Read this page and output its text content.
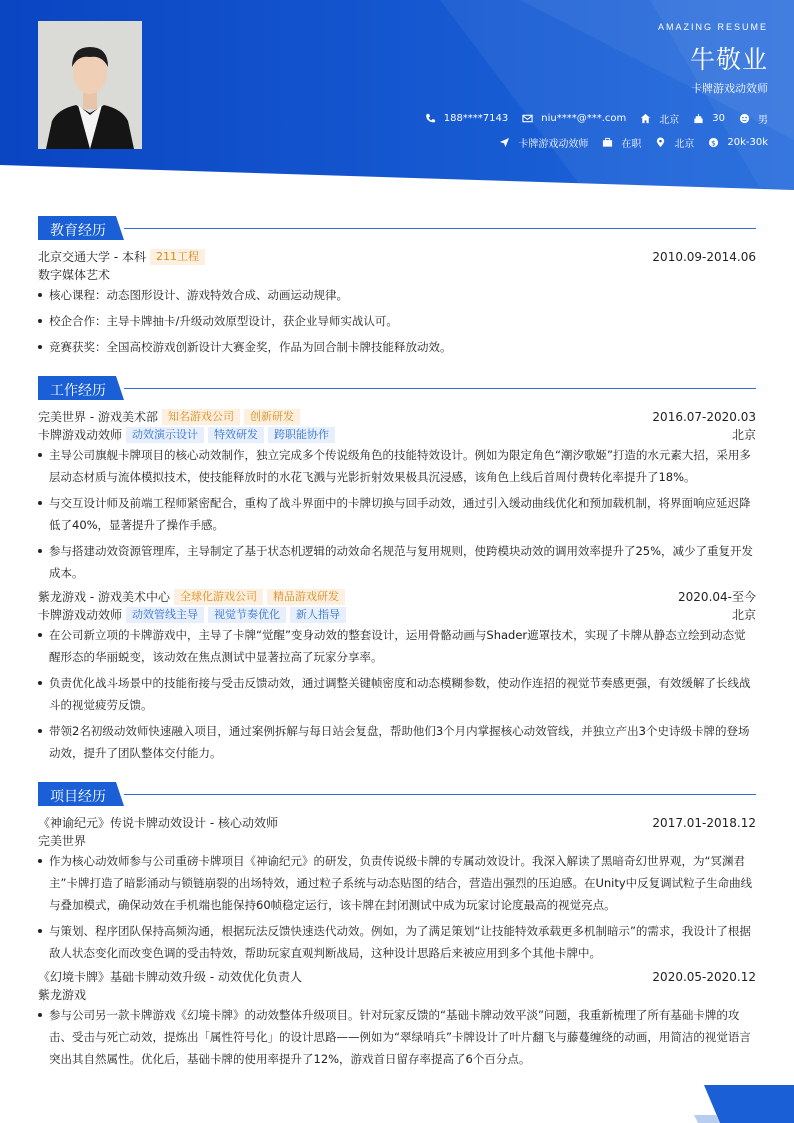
AMAZING RESUME
牛敬业
卡牌游戏动效师
188****7143	niu****@***.com	北京	30	男
卡牌游戏动效师	在职	北京 $ 20k-30k
教育经历
北京交通大学 - 本科 211工程	2010.09-2014.06
数字媒体艺术
核心课程：动态图形设计、游戏特效合成、动画运动规律。
校企合作：主导卡牌抽卡/升级动效原型设计，获企业导师实战认可。
竞赛获奖：全国高校游戏创新设计大赛金奖，作品为回合制卡牌技能释放动效。
工作经历
完美世界 - 游戏美术部 知名游戏公司	创新研发	2016.07-2020.03
卡牌游戏动效师 动效演示设计	特效研发	跨职能协作	北京
主导公司旗舰卡牌项目的核心动效制作，独立完成多个传说级角色的技能特效设计。例如为限定角色“潮汐歌姬”打造的水元素大招，采用多层动态材质与流体模拟技术，使技能释放时的水花飞溅与光影折射效果极具沉浸感，该角色上线后首周付费转化率提升了18%。
与交互设计师及前端工程师紧密配合，重构了战斗界面中的卡牌切换与回手动效，通过引入缓动曲线优化和预加载机制，将界面响应延迟降低了40%，显著提升了操作手感。
参与搭建动效资源管理库，主导制定了基于状态机逻辑的动效命名规范与复用规则，使跨模块动效的调用效率提升了25%，减少了重复开发成本。
紫龙游戏 - 游戏美术中心 全球化游戏公司	精品游戏研发	2020.04-至今
卡牌游戏动效师 动效管线主导	视觉节奏优化	新人指导	北京
在公司新立项的卡牌游戏中，主导了卡牌“觉醒”变身动效的整套设计，运用骨骼动画与Shader遮罩技术，实现了卡牌从静态立绘到动态觉醒形态的华丽蜕变，该动效在焦点测试中显著拉高了玩家分享率。
负责优化战斗场景中的技能衔接与受击反馈动效，通过调整关键帧密度和动态模糊参数，使动作连招的视觉节奏感更强，有效缓解了长线战斗的视觉疲劳反馈。
带领2名初级动效师快速融入项目，通过案例拆解与每日站会复盘，帮助他们3个月内掌握核心动效管线，并独立产出3个史诗级卡牌的登场动效，提升了团队整体交付能力。
项目经历
《神谕纪元》传说卡牌动效设计 - 核心动效师	2017.01-2018.12
完美世界
作为核心动效师参与公司重磅卡牌项目《神谕纪元》的研发，负责传说级卡牌的专属动效设计。我深入解读了黑暗奇幻世界观，为“冥渊君主”卡牌打造了暗影涌动与锁链崩裂的出场特效，通过粒子系统与动态贴图的结合，营造出强烈的压迫感。在Unity中反复调试粒子生命曲线与叠加模式，确保动效在手机端也能保持60帧稳定运行，该卡牌在封闭测试中成为玩家讨论度最高的视觉亮点。
与策划、程序团队保持高频沟通，根据玩法反馈快速迭代动效。例如，为了满足策划“让技能特效承载更多机制暗示”的需求，我设计了根据敌人状态变化而改变色调的受击特效，帮助玩家直观判断战局，这种设计思路后来被应用到多个其他卡牌中。
《幻境卡牌》基础卡牌动效升级 - 动效优化负责人	2020.05-2020.12
紫龙游戏
参与公司另一款卡牌游戏《幻境卡牌》的动效整体升级项目。针对玩家反馈的“基础卡牌动效平淡”问题，我重新梳理了所有基础卡牌的攻击、受击与死亡动效，提炼出「属性符号化」的设计思路——例如为“翠绿哨兵”卡牌设计了叶片翻飞与藤蔓缠绕的动画，用简洁的视觉语言突出其自然属性。优化后，基础卡牌的使用率提升了12%，游戏首日留存率提高了6个百分点。
